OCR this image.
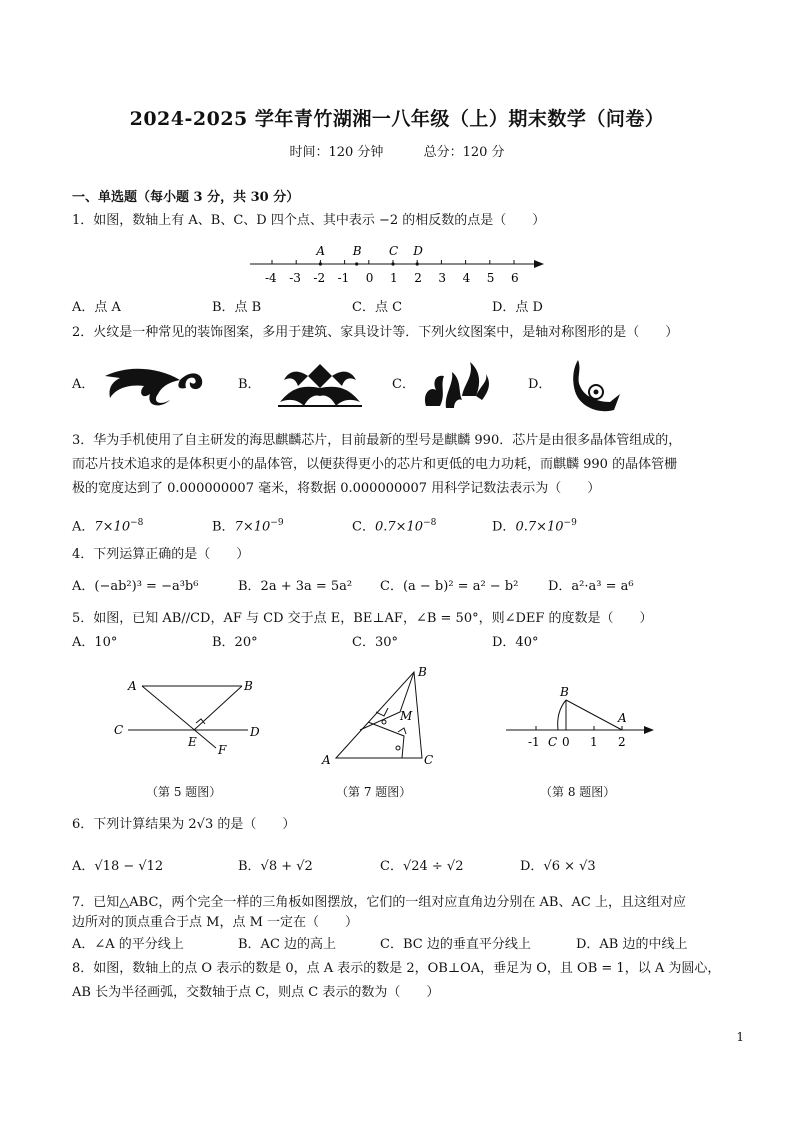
2024-2025 学年青竹湖湘一八年级（上）期末数学（问卷）
时间：120 分钟	总分：120 分
一、单选题（每小题 3 分，共 30 分）
1．如图，数轴上有 A、B、C、D 四个点、其中表示 −2 的相反数的点是（　　）
-4 -3 -2 -1 0 1 2 3 4 5 6
A B C D
A．点 A	B．点 B	C．点 C	D．点 D
2．火纹是一种常见的装饰图案，多用于建筑、家具设计等．下列火纹图案中，是轴对称图形的是（　　）
A．	B．	C．	D．
3．华为手机使用了自主研发的海思麒麟芯片，目前最新的型号是麒麟 990．芯片是由很多晶体管组成的，
而芯片技术追求的是体积更小的晶体管，以便获得更小的芯片和更低的电力功耗，而麒麟 990 的晶体管栅
极的宽度达到了 0.000000007 毫米，将数据 0.000000007 用科学记数法表示为（　　）
A．$7\times 10^{-8}$	B．$7\times 10^{-9}$	C．$0.7\times 10^{-8}$	D．$0.7\times 10^{-9}$
4．下列运算正确的是（　　）
A．(−ab²)³ = −a³b⁶	B．2a + 3a = 5a² C．(a − b)² = a² − b² D．a²·a³ = a⁶
5．如图，已知 AB//CD，AF 与 CD 交于点 E，BE⊥AF，∠B = 50°，则∠DEF 的度数是（　　）
A．10°	B．20°	C．30°	D．40°
A	B
C	D
E
F
（第 5 题图）
B
M
A	C
（第 7 题图）
B
A
-1 C 0 1 2
（第 8 题图）
6．下列计算结果为 2√3 的是（　　）
A．√18 − √12	B．√8 + √2	C．√24 ÷ √2	D．√6 × √3
7．已知△ABC，两个完全一样的三角板如图摆放，它们的一组对应直角边分别在 AB、AC 上，且这组对应
边所对的顶点重合于点 M，点 M 一定在（　　）
A．∠A 的平分线上	B．AC 边的高上	C．BC 边的垂直平分线上	D．AB 边的中线上
8．如图，数轴上的点 O 表示的数是 0，点 A 表示的数是 2，OB⊥OA，垂足为 O，且 OB = 1，以 A 为圆心，
AB 长为半径画弧，交数轴于点 C，则点 C 表示的数为（　　）
1
